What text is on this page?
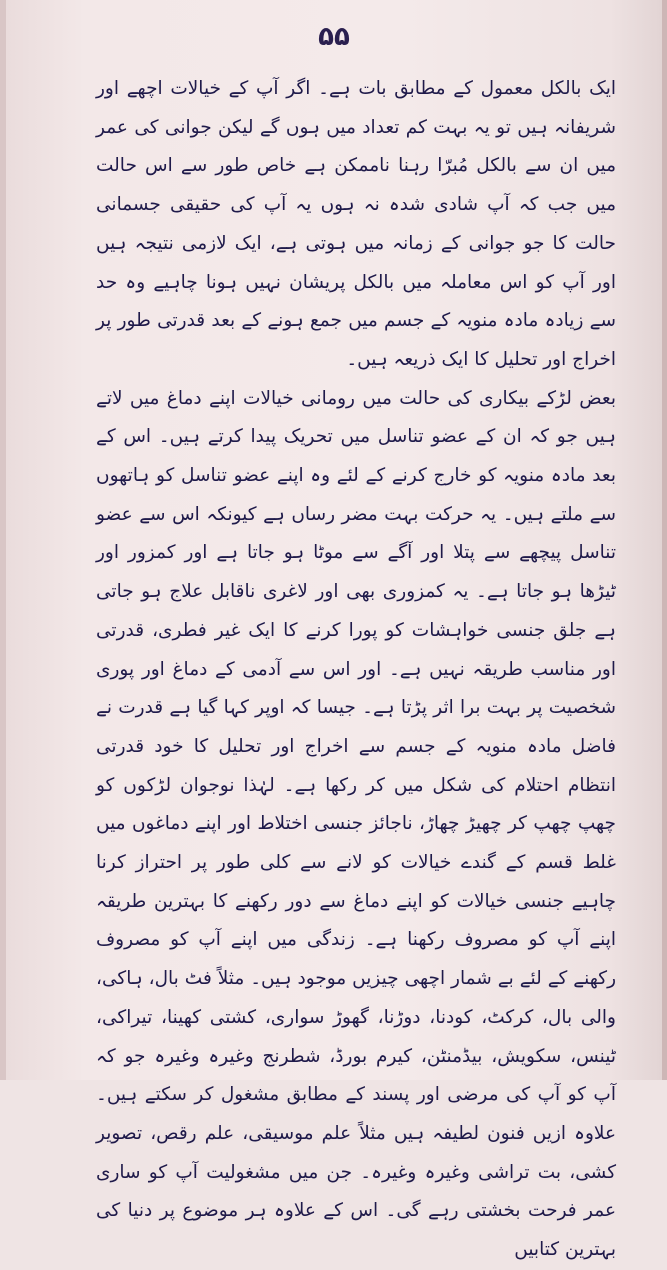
۵۵

ایک بالکل معمول کے مطابق بات ہے۔ اگر آپ کے خیالات اچھے اور شریفانہ ہیں تو یہ بہت کم تعداد میں ہوں گے لیکن جوانی کی عمر میں ان سے بالکل مُبرّا رہنا ناممکن ہے خاص طور سے اس حالت میں جب کہ آپ شادی شدہ نہ ہوں یہ آپ کی حقیقی جسمانی حالت کا جو جوانی کے زمانہ میں ہوتی ہے، ایک لازمی نتیجہ ہیں اور آپ کو اس معاملہ میں بالکل پریشان نہیں ہونا چاہیے وہ حد سے زیادہ مادہ منویہ کے جسم میں جمع ہونے کے بعد قدرتی طور پر اخراج اور تحلیل کا ایک ذریعہ ہیں۔

بعض لڑکے بیکاری کی حالت میں رومانی خیالات اپنے دماغ میں لاتے ہیں جو کہ ان کے عضو تناسل میں تحریک پیدا کرتے ہیں۔ اس کے بعد مادہ منویہ کو خارج کرنے کے لئے وہ اپنے عضو تناسل کو ہاتھوں سے ملتے ہیں۔ یہ حرکت بہت مضر رساں ہے کیونکہ اس سے عضو تناسل پیچھے سے پتلا اور آگے سے موٹا ہو جاتا ہے اور کمزور اور ٹیڑھا ہو جاتا ہے۔ یہ کمزوری بھی اور لاغری ناقابل علاج ہو جاتی ہے جلق جنسی خواہشات کو پورا کرنے کا ایک غیر فطری، قدرتی اور مناسب طریقہ نہیں ہے۔ اور اس سے آدمی کے دماغ اور پوری شخصیت پر بہت برا اثر پڑتا ہے۔ جیسا کہ اوپر کہا گیا ہے قدرت نے فاضل مادہ منویہ کے جسم سے اخراج اور تحلیل کا خود قدرتی انتظام احتلام کی شکل میں کر رکھا ہے۔ لہٰذا نوجوان لڑکوں کو چھپ چھپ کر چھیڑ چھاڑ، ناجائز جنسی اختلاط اور اپنے دماغوں میں غلط قسم کے گندے خیالات کو لانے سے کلی طور پر احتراز کرنا چاہیے جنسی خیالات کو اپنے دماغ سے دور رکھنے کا بہترین طریقہ اپنے آپ کو مصروف رکھنا ہے۔ زندگی میں اپنے آپ کو مصروف رکھنے کے لئے بے شمار اچھی چیزیں موجود ہیں۔ مثلاً فٹ بال، ہاکی، والی بال، کرکٹ، کودنا، دوڑنا، گھوڑ سواری، کشتی کھینا، تیراکی، ٹینس، سکویش، بیڈمنٹن، کیرم بورڈ، شطرنج وغیرہ وغیرہ جو کہ آپ کو آپ کی مرضی اور پسند کے مطابق مشغول کر سکتے ہیں۔ علاوہ ازیں فنون لطیفہ ہیں مثلاً علم موسیقی، علم رقص، تصویر کشی، بت تراشی وغیرہ وغیرہ۔ جن میں مشغولیت آپ کو ساری عمر فرحت بخشتی رہے گی۔ اس کے علاوہ ہر موضوع پر دنیا کی بہترین کتابیں
